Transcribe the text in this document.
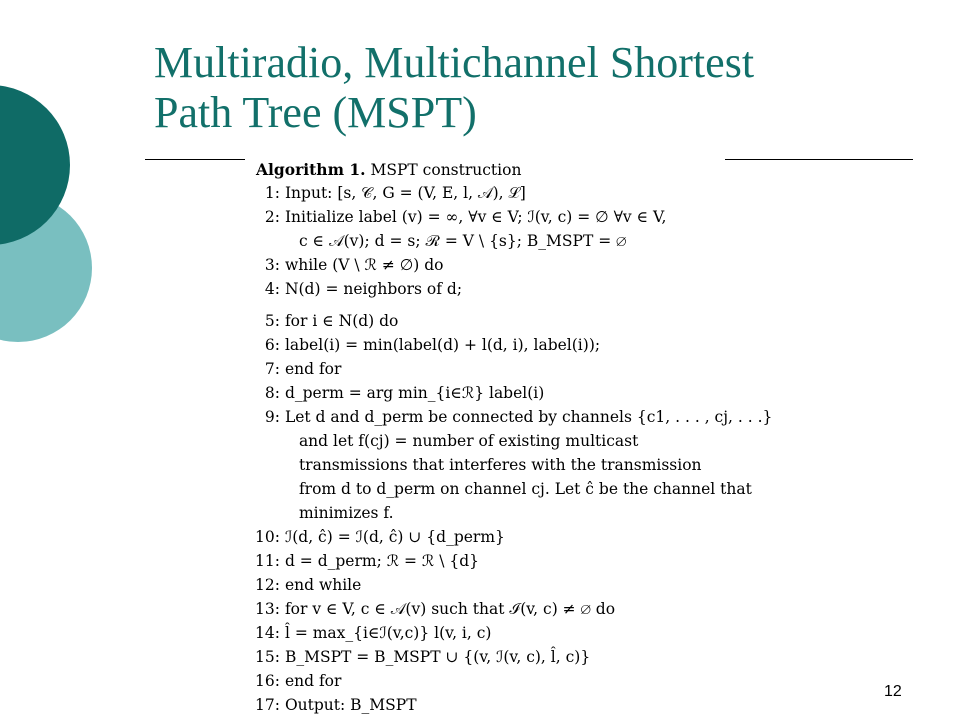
Multiradio, Multichannel Shortest
Path Tree (MSPT)
Algorithm 1. MSPT construction
1: Input: [s, 𝒞, G = (V, E, l, 𝒜), ℒ]
2: Initialize label (v) = ∞, ∀v ∈ V; ℐ(v, c) = ∅ ∀v ∈ V,
c ∈ 𝒜(v); d = s; ℛ = V \ {s}; B_MSPT = ∅
3: while (V \ ℛ ≠ ∅) do
4: N(d) = neighbors of d;
5: for i ∈ N(d) do
6: label(i) = min(label(d) + l(d, i), label(i));
7: end for
8: d_perm = arg min_{i∈ℛ} label(i)
9: Let d and d_perm be connected by channels {c1, . . . , cj, . . .}
and let f(cj) = number of existing multicast
transmissions that interferes with the transmission
from d to d_perm on channel cj. Let ĉ be the channel that
minimizes f.
10: ℐ(d, ĉ) = ℐ(d, ĉ) ∪ {d_perm}
11: d = d_perm; ℛ = ℛ \ {d}
12: end while
13: for v ∈ V, c ∈ 𝒜(v) such that ℐ(v, c) ≠ ∅ do
14: l̂ = max_{i∈ℐ(v,c)} l(v, i, c)
15: B_MSPT = B_MSPT ∪ {(v, ℐ(v, c), l̂, c)}
16: end for
17: Output: B_MSPT
12
